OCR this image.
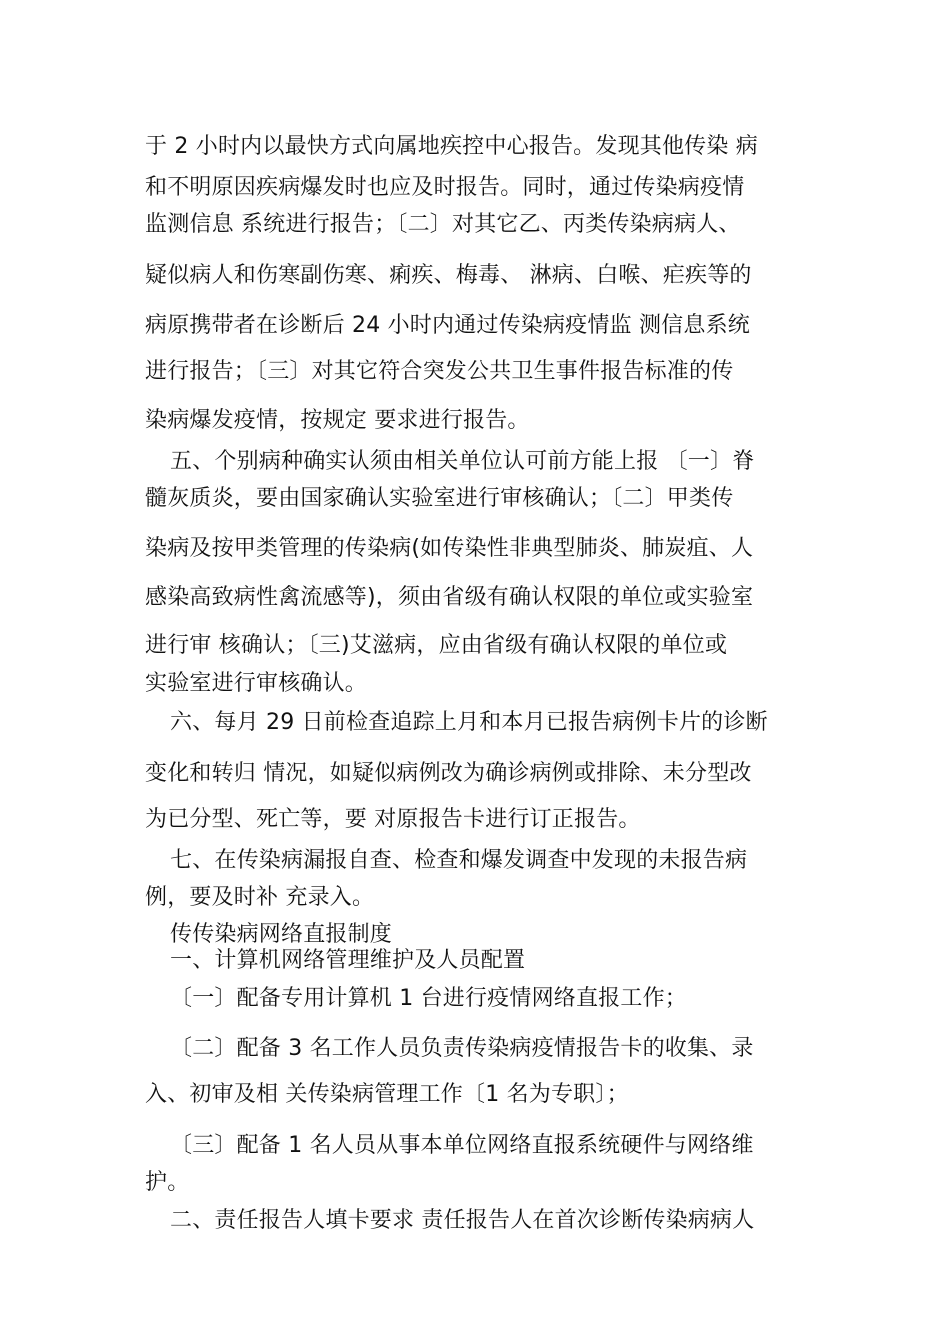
于 2 小时内以最快方式向属地疾控中心报告。发现其他传染 病
和不明原因疾病爆发时也应及时报告。同时，通过传染病疫情
监测信息 系统进行报告；〔二〕对其它乙、丙类传染病病人、
疑似病人和伤寒副伤寒、痢疾、梅毒、 淋病、白喉、疟疾等的
病原携带者在诊断后 24 小时内通过传染病疫情监 测信息系统
进行报告；〔三〕对其它符合突发公共卫生事件报告标准的传
染病爆发疫情，按规定 要求进行报告。
五、个别病种确实认须由相关单位认可前方能上报 〔一〕脊
髓灰质炎，要由国家确认实验室进行审核确认；〔二〕甲类传
染病及按甲类管理的传染病(如传染性非典型肺炎、肺炭疽、人
感染高致病性禽流感等)，须由省级有确认权限的单位或实验室
进行审 核确认；〔三)艾滋病，应由省级有确认权限的单位或
实验室进行审核确认。
六、每月 29 日前检查追踪上月和本月已报告病例卡片的诊断
变化和转归 情况，如疑似病例改为确诊病例或排除、未分型改
为已分型、死亡等，要 对原报告卡进行订正报告。
七、在传染病漏报自查、检查和爆发调查中发现的未报告病
例，要及时补 充录入。
传传染病网络直报制度
一、计算机网络管理维护及人员配置
〔一〕配备专用计算机 1 台进行疫情网络直报工作；
〔二〕配备 3 名工作人员负责传染病疫情报告卡的收集、录
入、初审及相 关传染病管理工作〔1 名为专职〕；
〔三〕配备 1 名人员从事本单位网络直报系统硬件与网络维
护。
二、责任报告人填卡要求 责任报告人在首次诊断传染病病人
